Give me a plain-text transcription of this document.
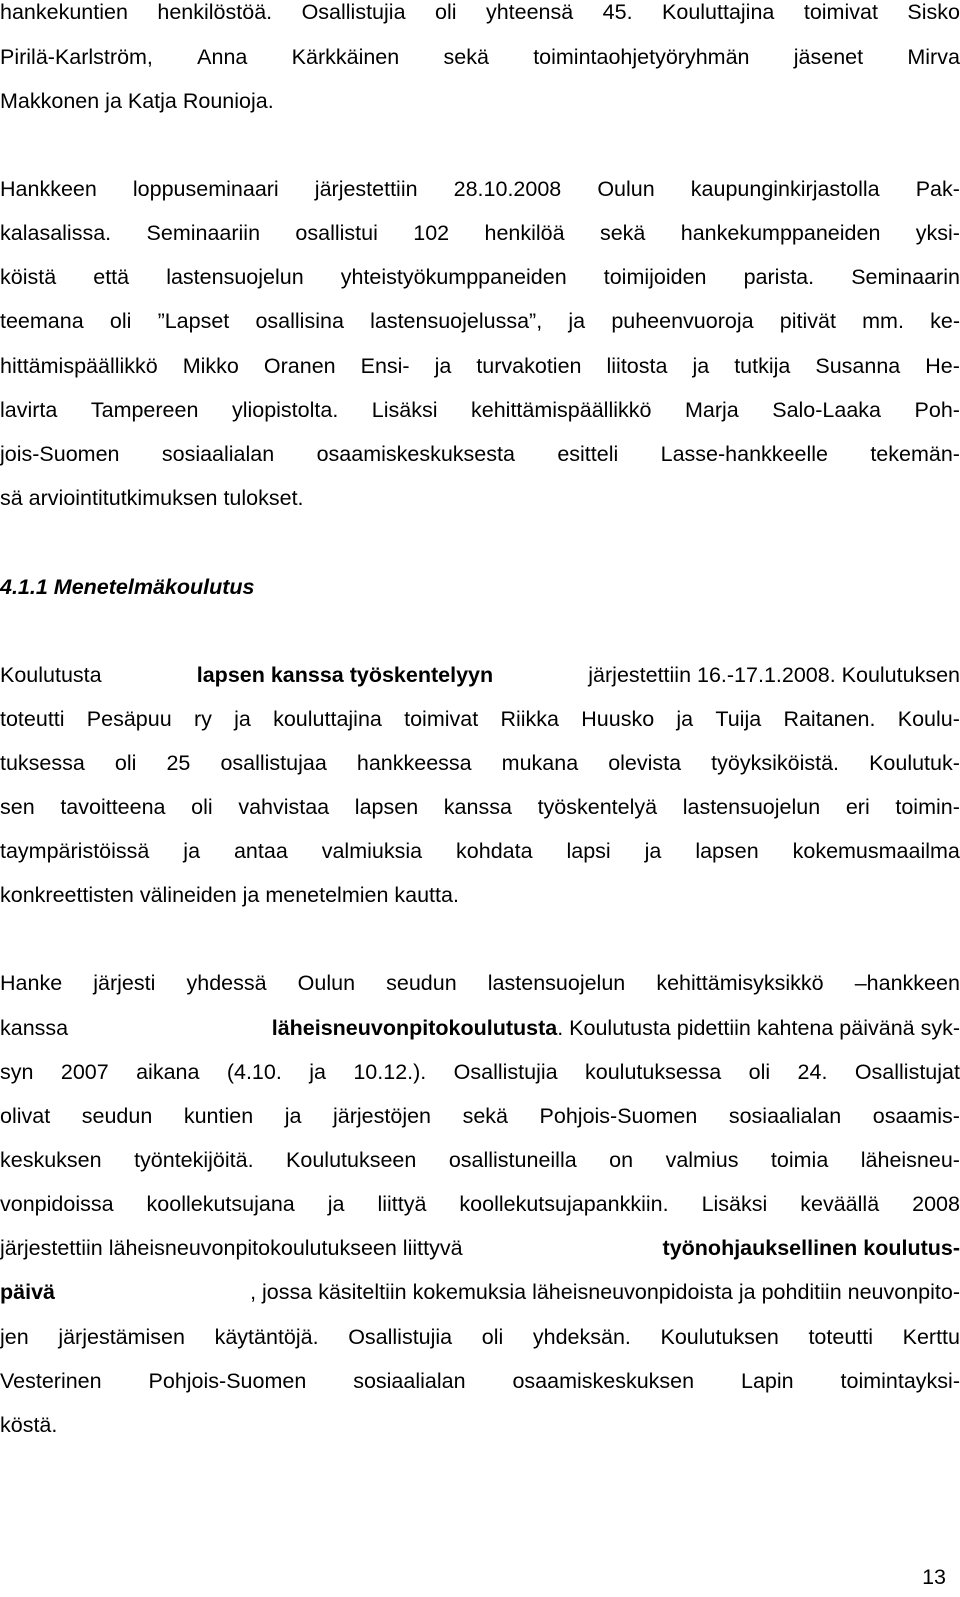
hankekuntien henkilöstöä. Osallistujia oli yhteensä 45. Kouluttajina toimivat Sisko
Pirilä-Karlström, Anna Kärkkäinen sekä toimintaohjetyöryhmän jäsenet Mirva
Makkonen ja Katja Rounioja.
Hankkeen loppuseminaari järjestettiin 28.10.2008 Oulun kaupunginkirjastolla Pak-
kalasalissa. Seminaariin osallistui 102 henkilöä sekä hankekumppaneiden yksi-
köistä että lastensuojelun yhteistyökumppaneiden toimijoiden parista. Seminaarin
teemana oli ”Lapset osallisina lastensuojelussa”, ja puheenvuoroja pitivät mm. ke-
hittämispäällikkö Mikko Oranen Ensi- ja turvakotien liitosta ja tutkija Susanna He-
lavirta Tampereen yliopistolta. Lisäksi kehittämispäällikkö Marja Salo-Laaka Poh-
jois-Suomen sosiaalialan osaamiskeskuksesta esitteli Lasse-hankkeelle tekemän-
sä arviointitutkimuksen tulokset.
4.1.1 Menetelmäkoulutus
Koulutusta	lapsen kanssa työskentelyyn	järjestettiin 16.-17.1.2008. Koulutuksen
toteutti Pesäpuu ry ja kouluttajina toimivat Riikka Huusko ja Tuija Raitanen. Koulu-
tuksessa oli 25 osallistujaa hankkeessa mukana olevista työyksiköistä. Koulutuk-
sen tavoitteena oli vahvistaa lapsen kanssa työskentelyä lastensuojelun eri toimin-
taympäristöissä ja antaa valmiuksia kohdata lapsi ja lapsen kokemusmaailma
konkreettisten välineiden ja menetelmien kautta.
Hanke järjesti yhdessä Oulun seudun lastensuojelun kehittämisyksikkö –hankkeen
kanssa	läheisneuvonpitokoulutusta. Koulutusta pidettiin kahtena päivänä syk-
syn 2007 aikana (4.10. ja 10.12.). Osallistujia koulutuksessa oli 24. Osallistujat
olivat seudun kuntien ja järjestöjen sekä Pohjois-Suomen sosiaalialan osaamis-
keskuksen työntekijöitä. Koulutukseen osallistuneilla on valmius toimia läheisneu-
vonpidoissa koollekutsujana ja liittyä koollekutsujapankkiin. Lisäksi keväällä 2008
järjestettiin läheisneuvonpitokoulutukseen liittyvä	työnohjauksellinen koulutus-
päivä	, jossa käsiteltiin kokemuksia läheisneuvonpidoista ja pohditiin neuvonpito-
jen järjestämisen käytäntöjä. Osallistujia oli yhdeksän. Koulutuksen toteutti Kerttu
Vesterinen Pohjois-Suomen sosiaalialan osaamiskeskuksen Lapin toimintayksi-
köstä.
13
